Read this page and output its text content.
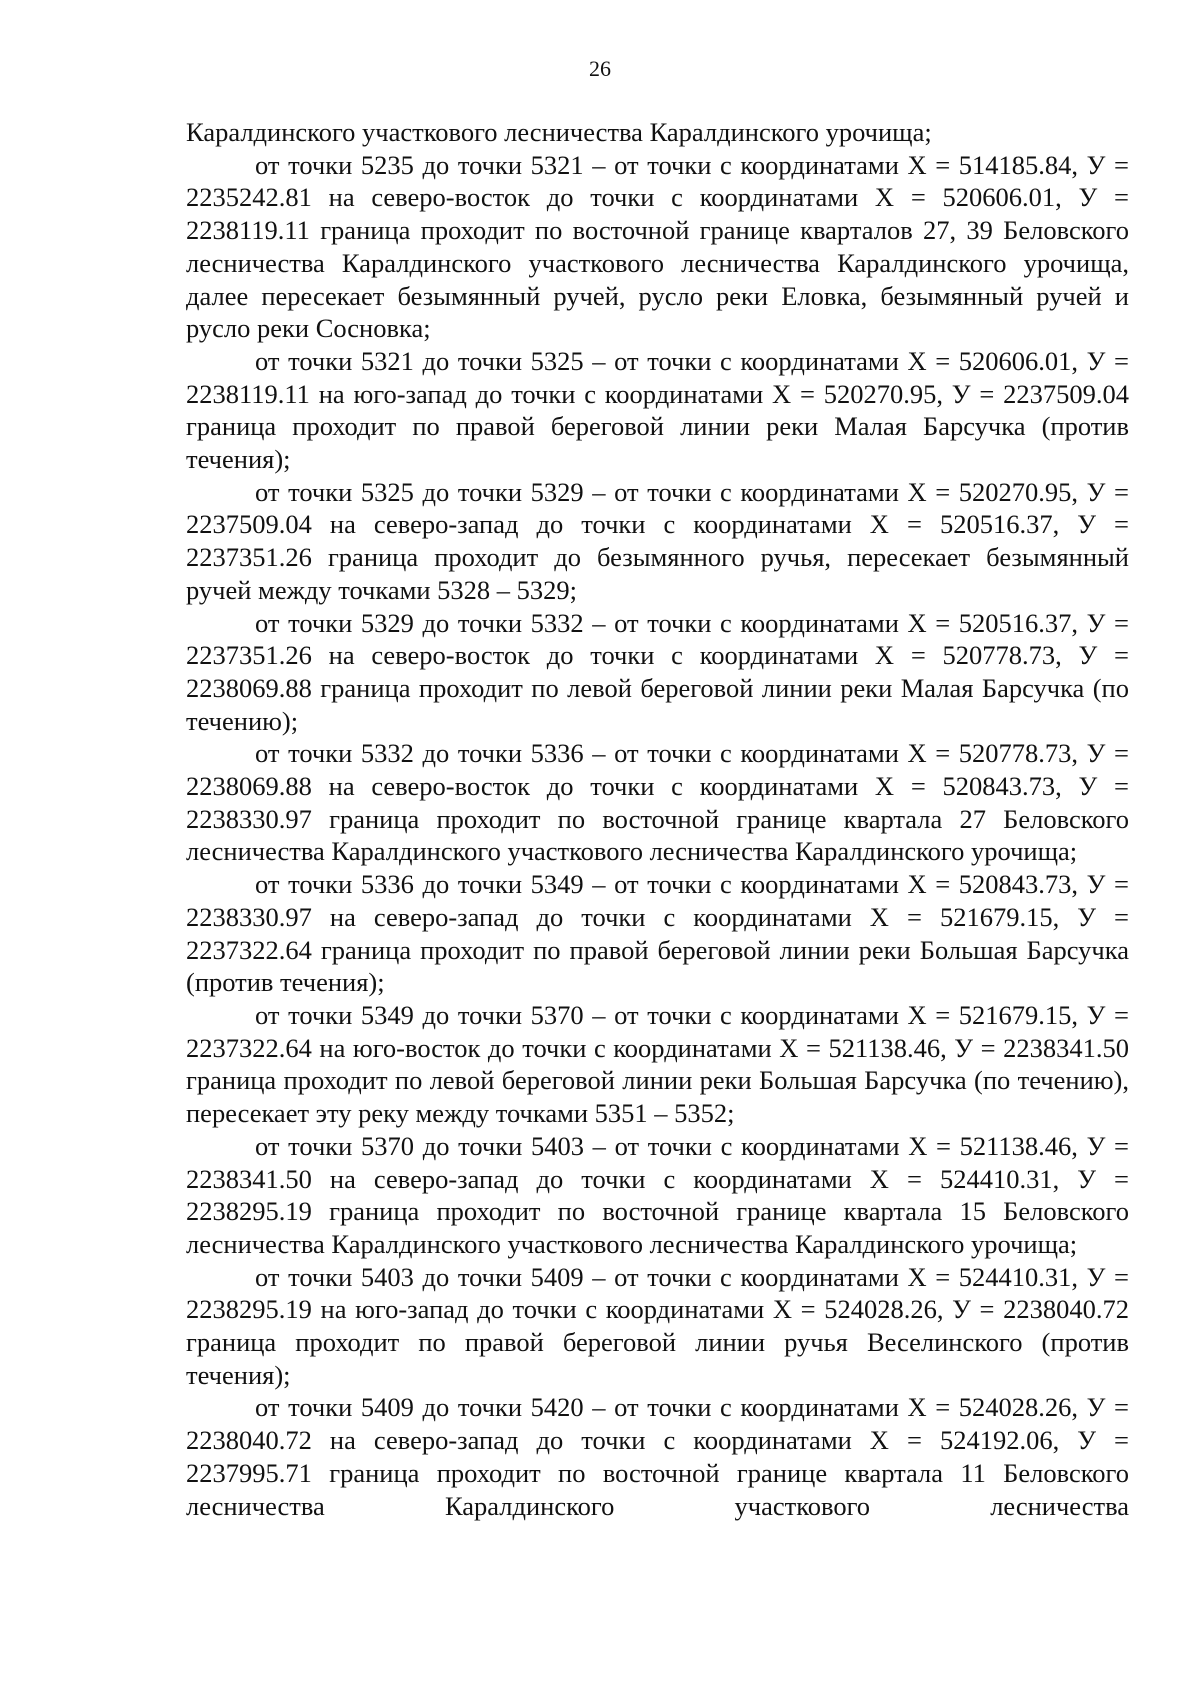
26

Каралдинского участкового лесничества Каралдинского урочища;

от точки 5235 до точки 5321 – от точки с координатами Х = 514185.84, У = 2235242.81 на северо-восток до точки с координатами Х = 520606.01, У = 2238119.11 граница проходит по восточной границе кварталов 27, 39 Беловского лесничества Каралдинского участкового лесничества Каралдинского урочища, далее пересекает безымянный ручей, русло реки Еловка, безымянный ручей и русло реки Сосновка;

от точки 5321 до точки 5325 – от точки с координатами Х = 520606.01, У = 2238119.11 на юго-запад до точки с координатами Х = 520270.95, У = 2237509.04 граница проходит по правой береговой линии реки Малая Барсучка (против течения);

от точки 5325 до точки 5329 – от точки с координатами Х = 520270.95, У = 2237509.04 на северо-запад до точки с координатами Х = 520516.37, У = 2237351.26 граница проходит до безымянного ручья, пересекает безымянный ручей между точками 5328 – 5329;

от точки 5329 до точки 5332 – от точки с координатами Х = 520516.37, У = 2237351.26 на северо-восток до точки с координатами Х = 520778.73, У = 2238069.88 граница проходит по левой береговой линии реки Малая Барсучка (по течению);

от точки 5332 до точки 5336 – от точки с координатами Х = 520778.73, У = 2238069.88 на северо-восток до точки с координатами Х = 520843.73, У = 2238330.97 граница проходит по восточной границе квартала 27 Беловского лесничества Каралдинского участкового лесничества Каралдинского урочища;

от точки 5336 до точки 5349 – от точки с координатами Х = 520843.73, У = 2238330.97 на северо-запад до точки с координатами Х = 521679.15, У = 2237322.64 граница проходит по правой береговой линии реки Большая Барсучка (против течения);

от точки 5349 до точки 5370 – от точки с координатами Х = 521679.15, У = 2237322.64 на юго-восток до точки с координатами Х = 521138.46, У = 2238341.50 граница проходит по левой береговой линии реки Большая Барсучка (по течению), пересекает эту реку между точками 5351 – 5352;

от точки 5370 до точки 5403 – от точки с координатами Х = 521138.46, У = 2238341.50 на северо-запад до точки с координатами Х = 524410.31, У = 2238295.19 граница проходит по восточной границе квартала 15 Беловского лесничества Каралдинского участкового лесничества Каралдинского урочища;

от точки 5403 до точки 5409 – от точки с координатами Х = 524410.31, У = 2238295.19 на юго-запад до точки с координатами Х = 524028.26, У = 2238040.72 граница проходит по правой береговой линии ручья Веселинского (против течения);

от точки 5409 до точки 5420 – от точки с координатами Х = 524028.26, У = 2238040.72 на северо-запад до точки с координатами Х = 524192.06, У = 2237995.71 граница проходит по восточной границе квартала 11 Беловского лесничества Каралдинского участкового лесничества
